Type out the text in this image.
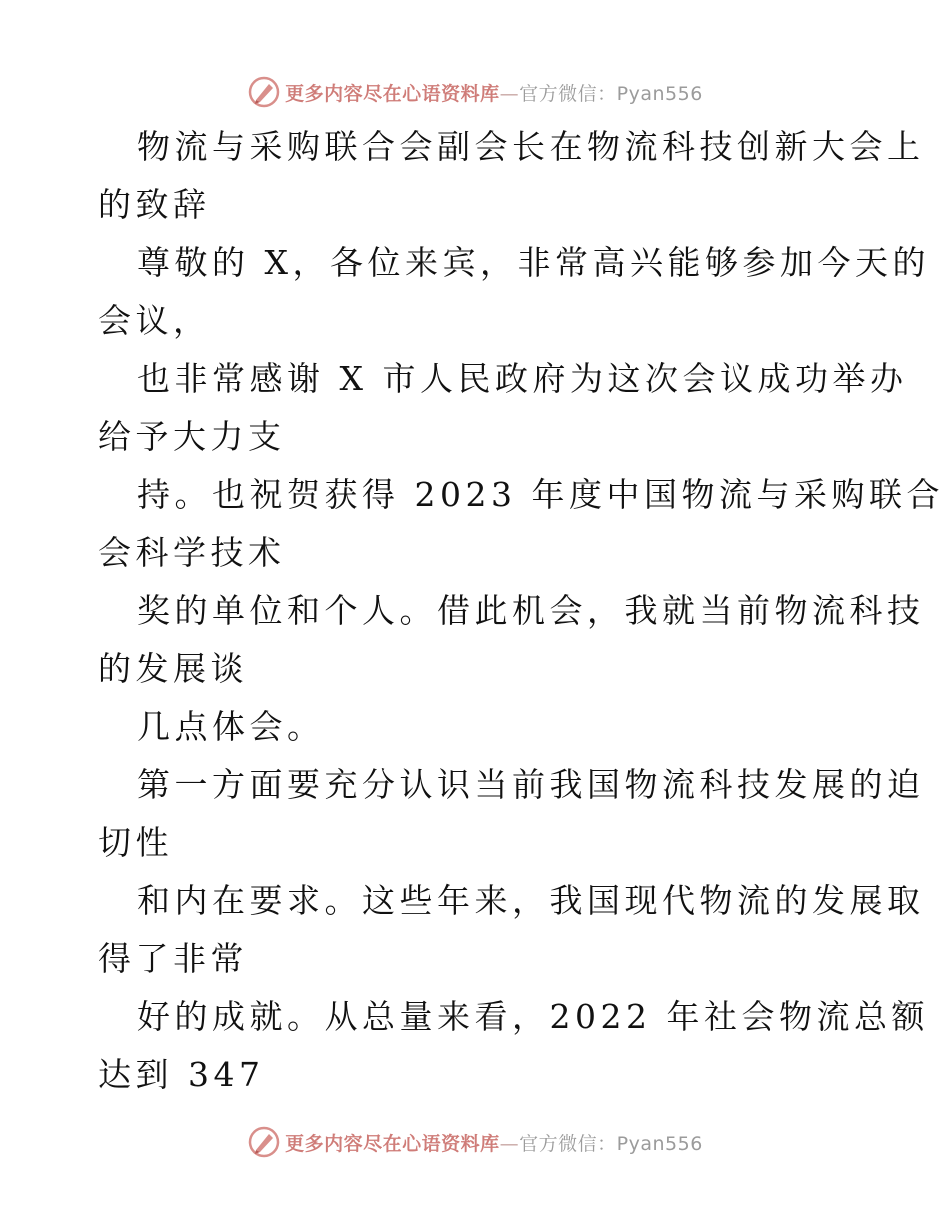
更多内容尽在心语资料库—官方微信：Pyan556

物流与采购联合会副会长在物流科技创新大会上
的致辞

尊敬的 X，各位来宾，非常高兴能够参加今天的
会议，

也非常感谢 X 市人民政府为这次会议成功举办
给予大力支

持。也祝贺获得 2023 年度中国物流与采购联合
会科学技术

奖的单位和个人。借此机会，我就当前物流科技
的发展谈

几点体会。

第一方面要充分认识当前我国物流科技发展的迫
切性

和内在要求。这些年来，我国现代物流的发展取
得了非常

好的成就。从总量来看，2022 年社会物流总额
达到 347

更多内容尽在心语资料库—官方微信：Pyan556
